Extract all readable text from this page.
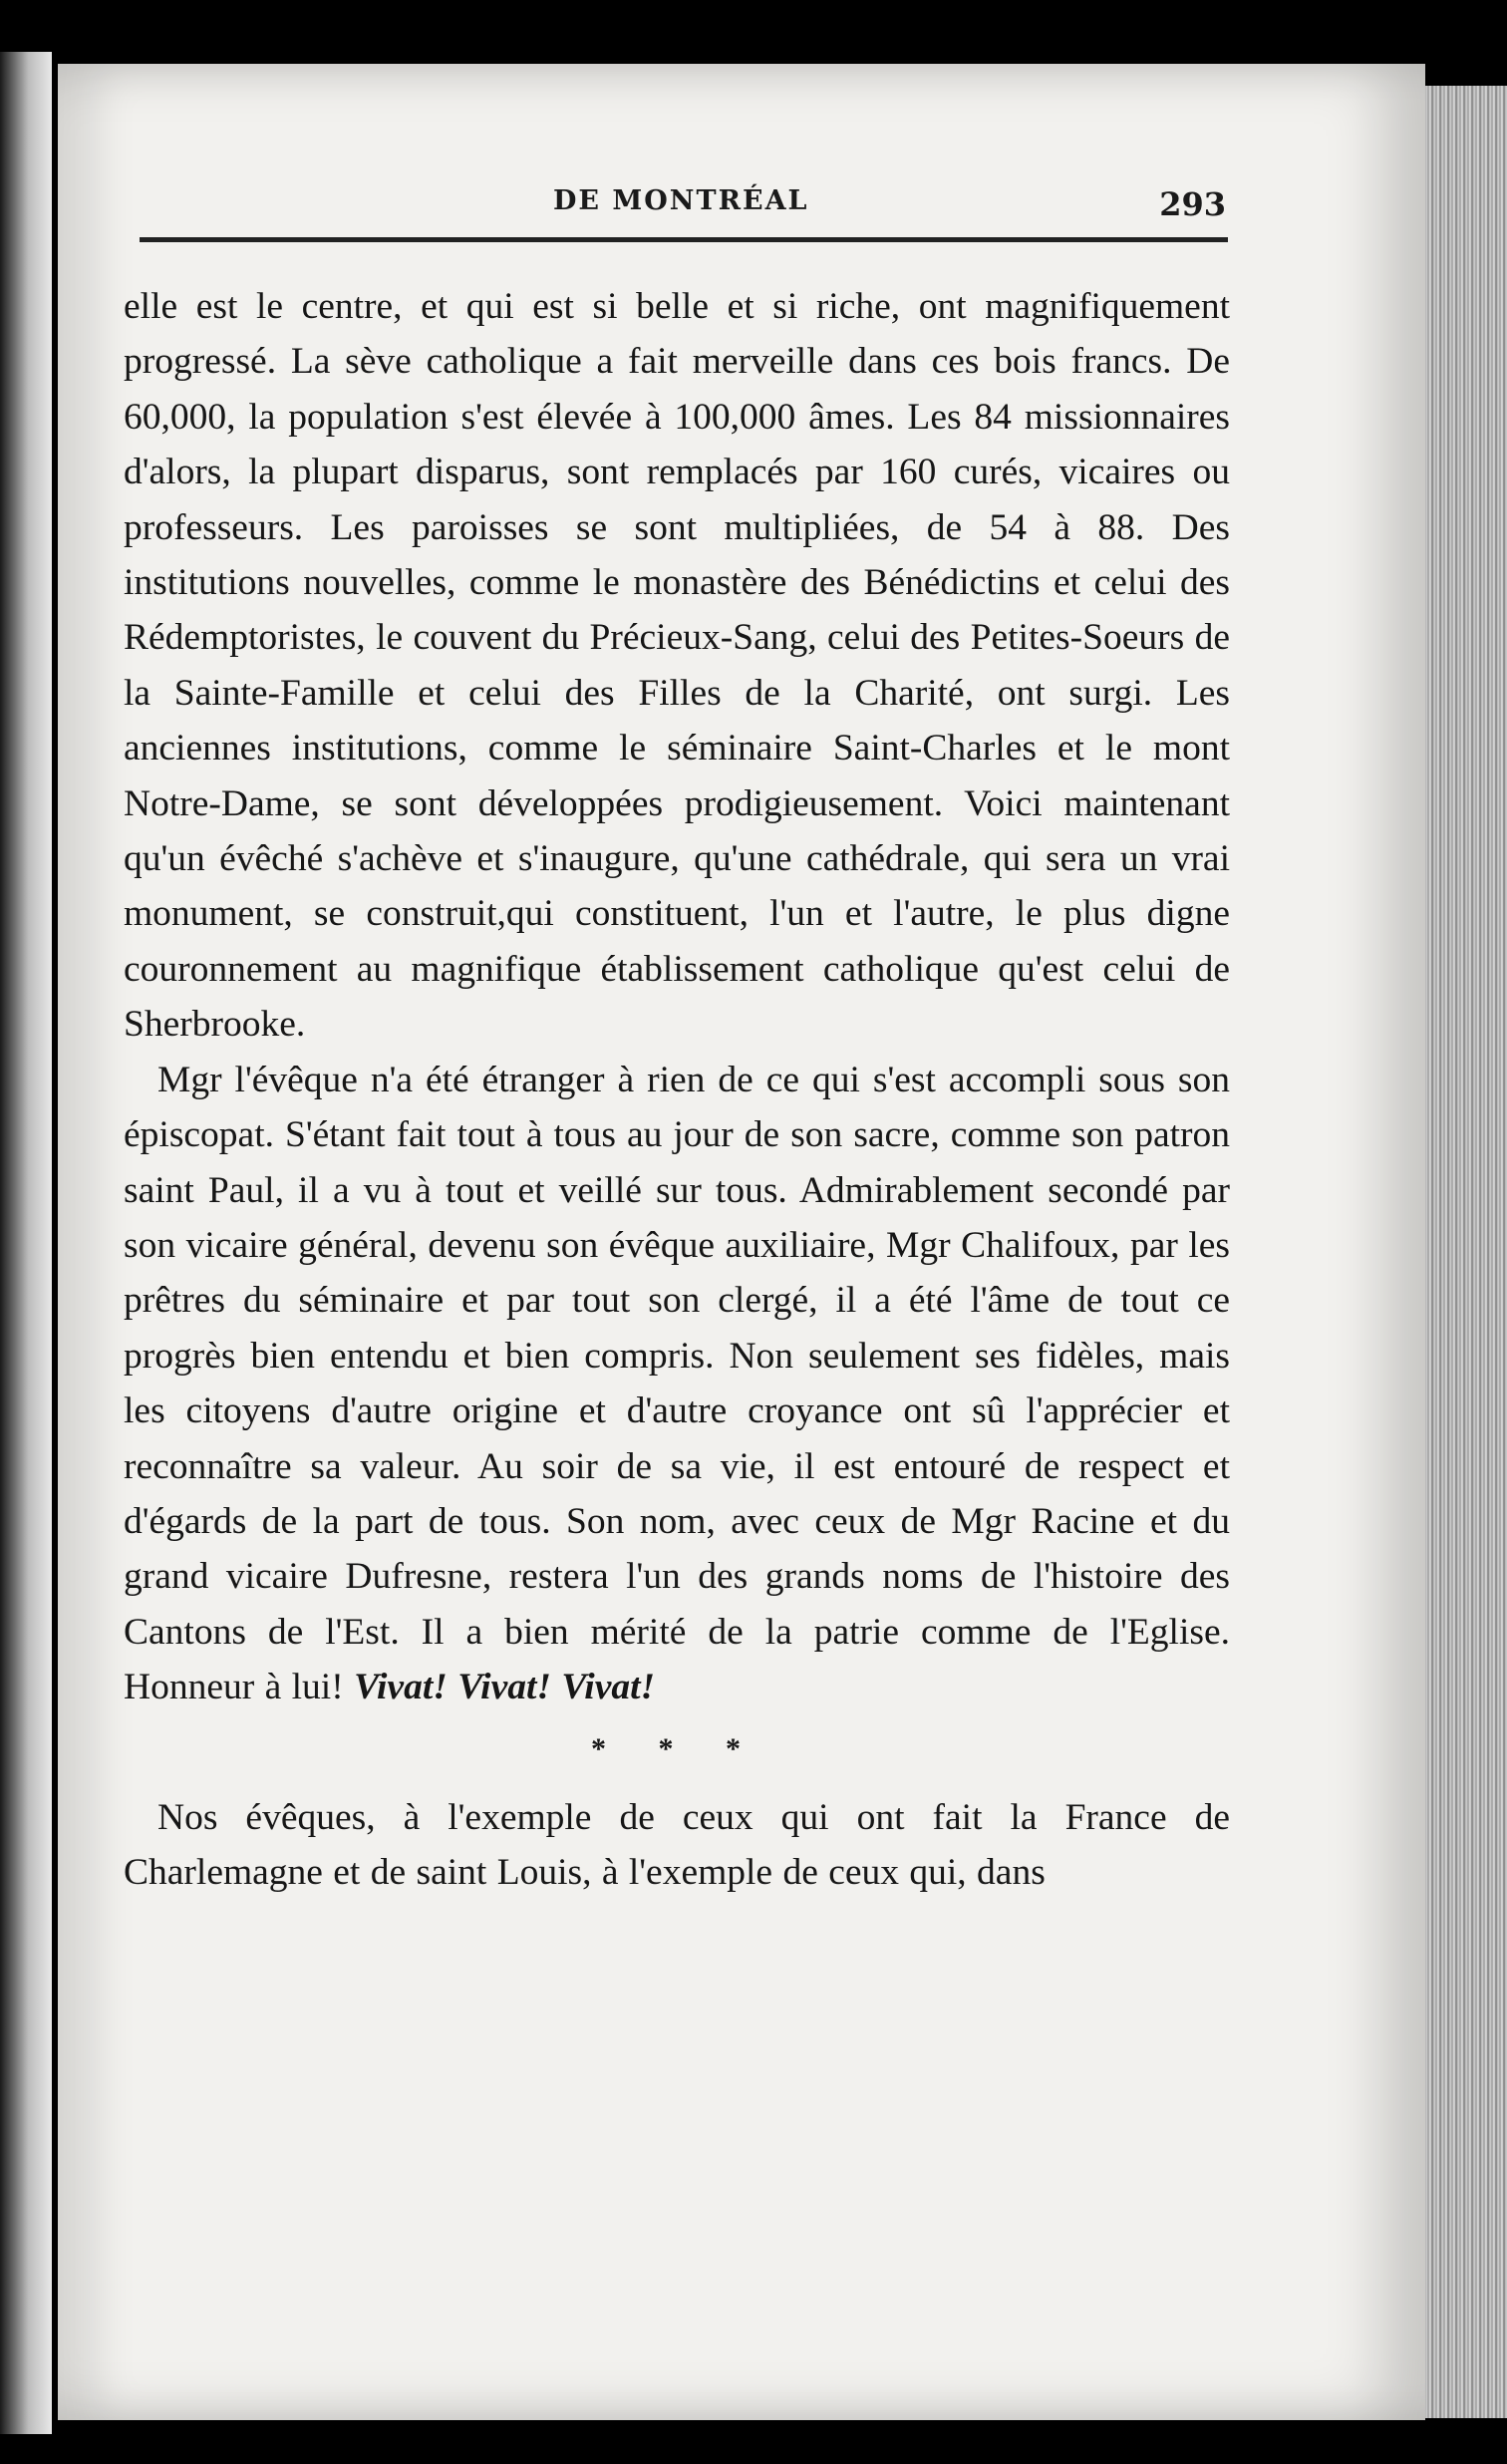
DE MONTRÉAL	293

elle est le centre, et qui est si belle et si riche, ont magnifiquement progressé. La sève catholique a fait merveille dans ces bois francs. De 60,000, la population s'est élevée à 100,000 âmes. Les 84 missionnaires d'alors, la plupart disparus, sont remplacés par 160 curés, vicaires ou professeurs. Les paroisses se sont multipliées, de 54 à 88. Des institutions nouvelles, comme le monastère des Bénédictins et celui des Rédemptoristes, le couvent du Précieux-Sang, celui des Petites-Soeurs de la Sainte-Famille et celui des Filles de la Charité, ont surgi. Les anciennes institutions, comme le séminaire Saint-Charles et le mont Notre-Dame, se sont développées prodigieusement. Voici maintenant qu'un évêché s'achève et s'inaugure, qu'une cathédrale, qui sera un vrai monument, se construit,qui constituent, l'un et l'autre, le plus digne couronnement au magnifique établissement catholique qu'est celui de Sherbrooke.

Mgr l'évêque n'a été étranger à rien de ce qui s'est accompli sous son épiscopat. S'étant fait tout à tous au jour de son sacre, comme son patron saint Paul, il a vu à tout et veillé sur tous. Admirablement secondé par son vicaire général, devenu son évêque auxiliaire, Mgr Chalifoux, par les prêtres du séminaire et par tout son clergé, il a été l'âme de tout ce progrès bien entendu et bien compris. Non seulement ses fidèles, mais les citoyens d'autre origine et d'autre croyance ont sû l'apprécier et reconnaître sa valeur. Au soir de sa vie, il est entouré de respect et d'égards de la part de tous. Son nom, avec ceux de Mgr Racine et du grand vicaire Dufresne, restera l'un des grands noms de l'histoire des Cantons de l'Est. Il a bien mérité de la patrie comme de l'Eglise. Honneur à lui! Vivat! Vivat! Vivat!

* * *

Nos évêques, à l'exemple de ceux qui ont fait la France de Charlemagne et de saint Louis, à l'exemple de ceux qui, dans
